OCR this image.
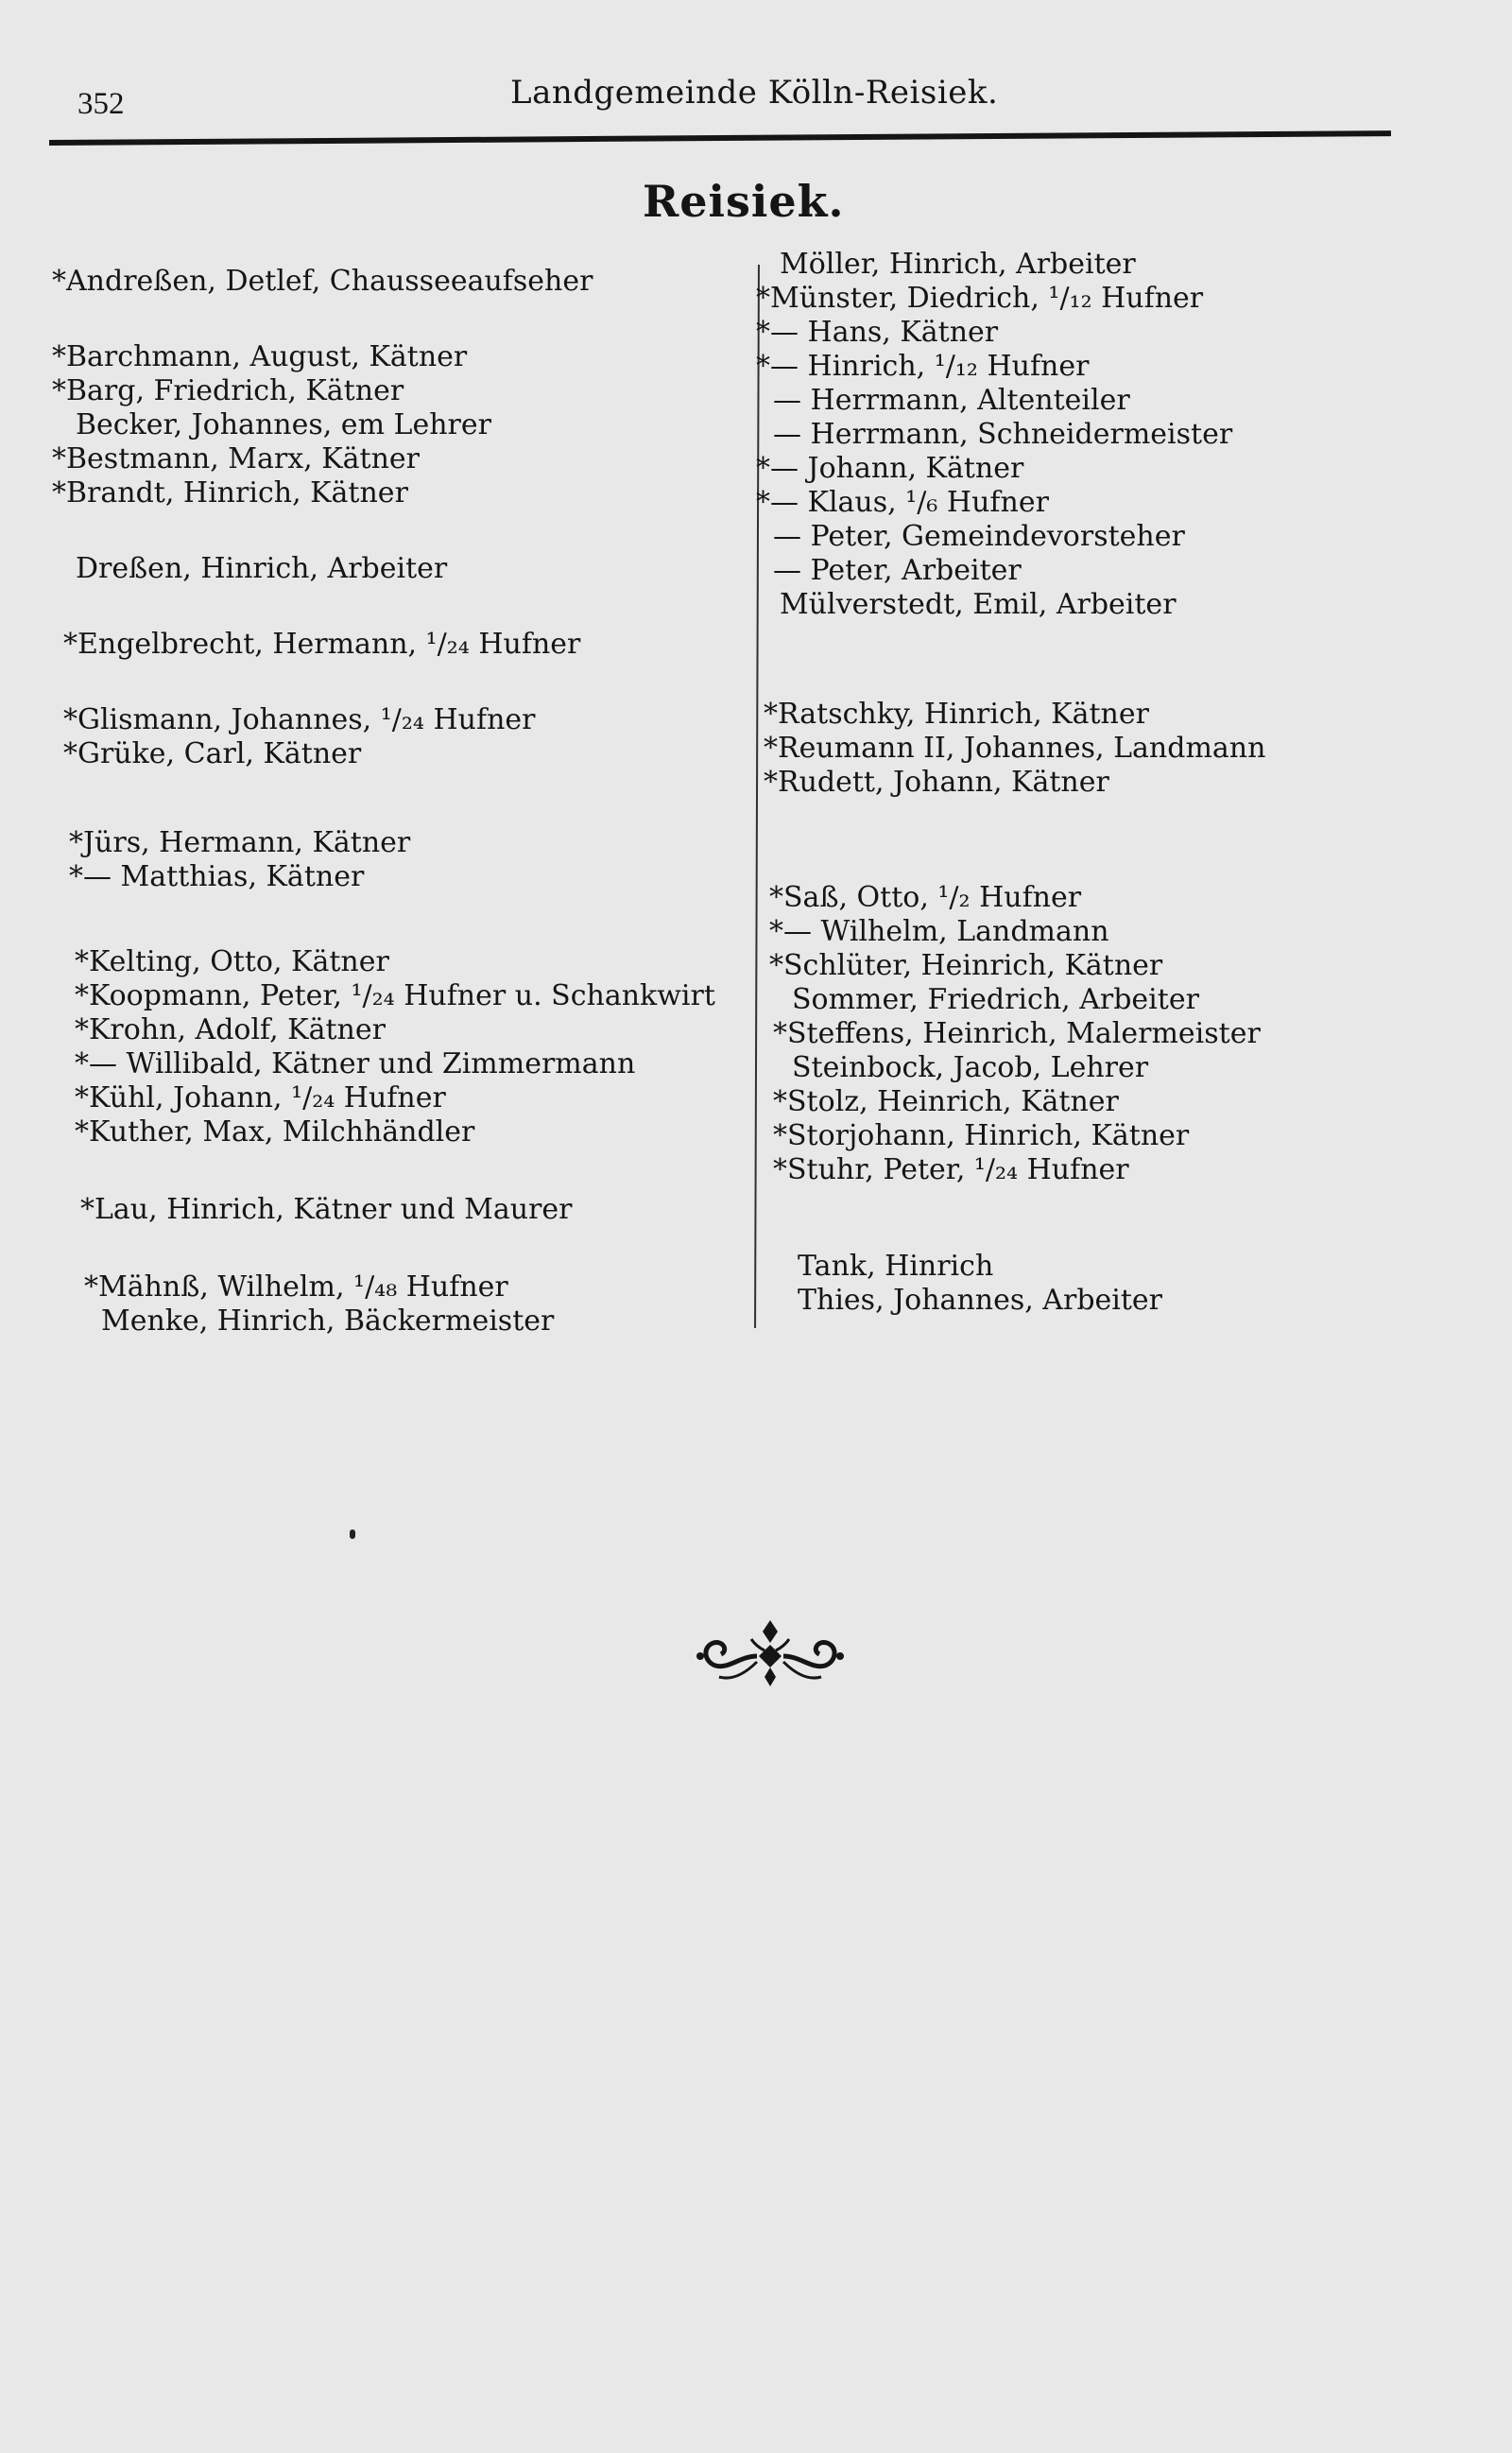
352	Landgemeinde Kölln-Reisiek.
Reisiek.
*Andreßen, Detlef, Chausseeaufseher
*Barchmann, August, Kätner
*Barg, Friedrich, Kätner
Becker, Johannes, em Lehrer
*Bestmann, Marx, Kätner
*Brandt, Hinrich, Kätner
Dreßen, Hinrich, Arbeiter
*Engelbrecht, Hermann, ¹/₂₄ Hufner
*Glismann, Johannes, ¹/₂₄ Hufner
*Grüke, Carl, Kätner
*Jürs, Hermann, Kätner
*— Matthias, Kätner
*Kelting, Otto, Kätner
*Koopmann, Peter, ¹/₂₄ Hufner u. Schankwirt
*Krohn, Adolf, Kätner
*— Willibald, Kätner und Zimmermann
*Kühl, Johann, ¹/₂₄ Hufner
*Kuther, Max, Milchhändler
*Lau, Hinrich, Kätner und Maurer
*Mähnß, Wilhelm, ¹/₄₈ Hufner
Menke, Hinrich, Bäckermeister
Möller, Hinrich, Arbeiter
*Münster, Diedrich, ¹/₁₂ Hufner
*— Hans, Kätner
*— Hinrich, ¹/₁₂ Hufner
— Herrmann, Altenteiler
— Herrmann, Schneidermeister
*— Johann, Kätner
*— Klaus, ¹/₆ Hufner
— Peter, Gemeindevorsteher
— Peter, Arbeiter
Mülverstedt, Emil, Arbeiter
*Ratschky, Hinrich, Kätner
*Reumann II, Johannes, Landmann
*Rudett, Johann, Kätner
*Saß, Otto, ¹/₂ Hufner
*— Wilhelm, Landmann
*Schlüter, Heinrich, Kätner
Sommer, Friedrich, Arbeiter
*Steffens, Heinrich, Malermeister
Steinbock, Jacob, Lehrer
*Stolz, Heinrich, Kätner
*Storjohann, Hinrich, Kätner
*Stuhr, Peter, ¹/₂₄ Hufner
Tank, Hinrich
Thies, Johannes, Arbeiter
